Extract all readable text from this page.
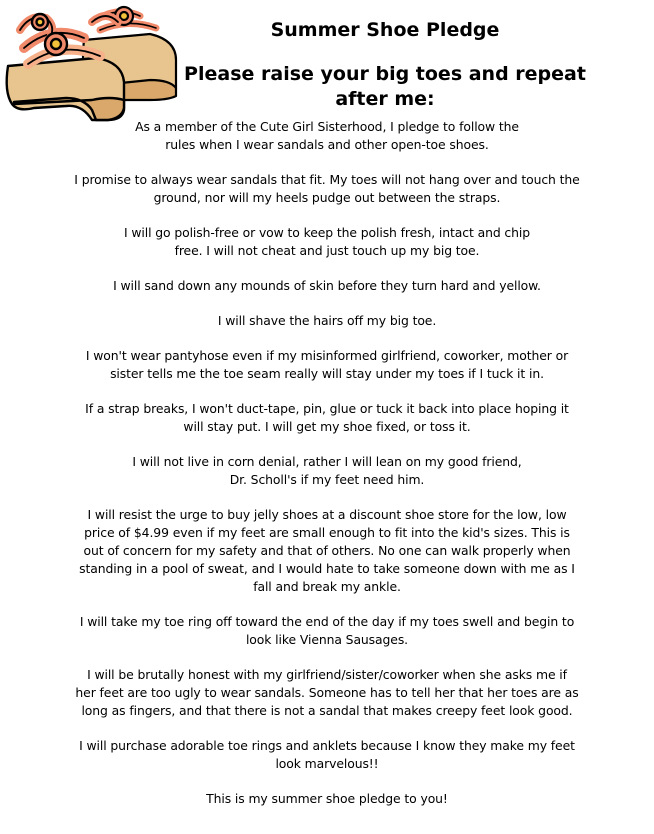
Summer Shoe Pledge
Please raise your big toes and repeat
after me:

As a member of the Cute Girl Sisterhood, I pledge to follow the
rules when I wear sandals and other open-toe shoes.

I promise to always wear sandals that fit. My toes will not hang over and touch the
ground, nor will my heels pudge out between the straps.

I will go polish-free or vow to keep the polish fresh, intact and chip
free. I will not cheat and just touch up my big toe.

I will sand down any mounds of skin before they turn hard and yellow.

I will shave the hairs off my big toe.

I won't wear pantyhose even if my misinformed girlfriend, coworker, mother or
sister tells me the toe seam really will stay under my toes if I tuck it in.

If a strap breaks, I won't duct-tape, pin, glue or tuck it back into place hoping it
will stay put. I will get my shoe fixed, or toss it.

I will not live in corn denial, rather I will lean on my good friend,
Dr. Scholl's if my feet need him.

I will resist the urge to buy jelly shoes at a discount shoe store for the low, low
price of $4.99 even if my feet are small enough to fit into the kid's sizes. This is
out of concern for my safety and that of others. No one can walk properly when
standing in a pool of sweat, and I would hate to take someone down with me as I
fall and break my ankle.

I will take my toe ring off toward the end of the day if my toes swell and begin to
look like Vienna Sausages.

I will be brutally honest with my girlfriend/sister/coworker when she asks me if
her feet are too ugly to wear sandals. Someone has to tell her that her toes are as
long as fingers, and that there is not a sandal that makes creepy feet look good.

I will purchase adorable toe rings and anklets because I know they make my feet
look marvelous!!

This is my summer shoe pledge to you!
